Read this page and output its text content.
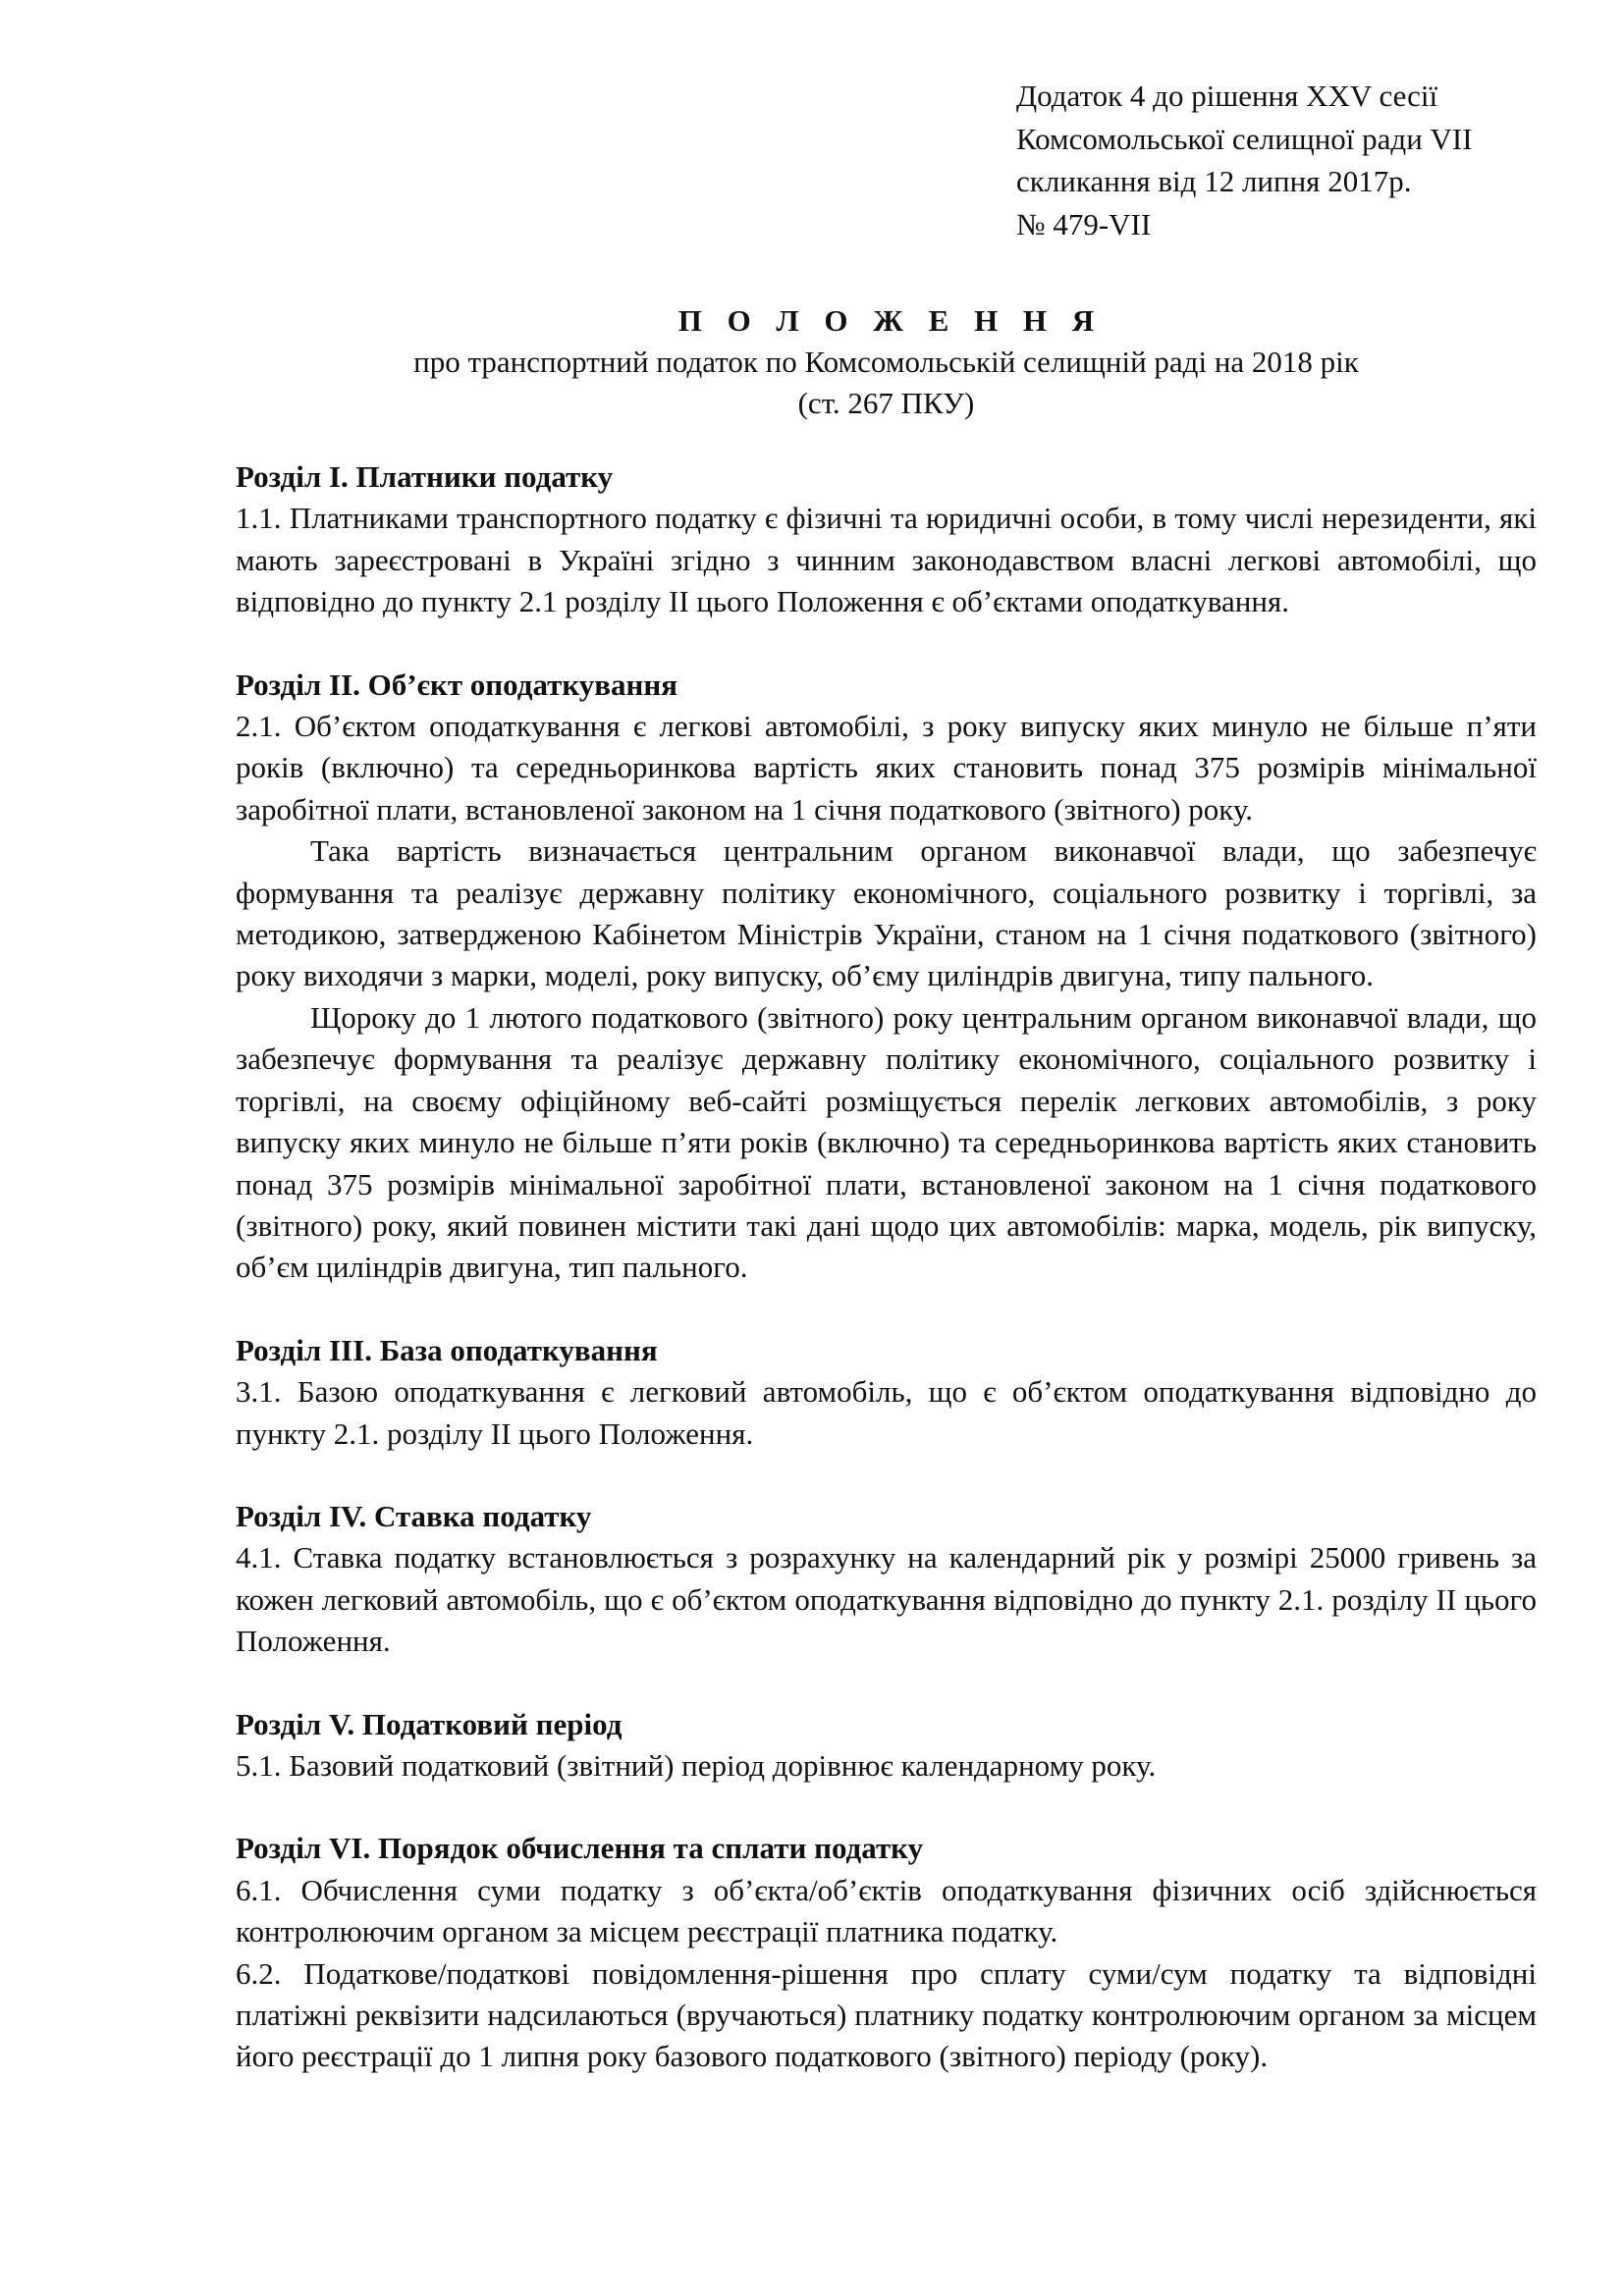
Додаток 4 до рішення XXV сесії
Комсомольської селищної ради VII
скликання від 12 липня 2017р.
№ 479-VII
П О Л О Ж Е Н Н Я
про транспортний податок по Комсомольській селищній раді на 2018 рік
(ст. 267 ПКУ)
Розділ I. Платники податку
1.1. Платниками транспортного податку є фізичні та юридичні особи, в тому числі нерезиденти, які мають зареєстровані в Україні згідно з чинним законодавством власні легкові автомобілі, що відповідно до пункту 2.1 розділу II цього Положення є об’єктами оподаткування.
Розділ II. Об’єкт оподаткування
2.1. Об’єктом оподаткування є легкові автомобілі, з року випуску яких минуло не більше п’яти років (включно) та середньоринкова вартість яких становить понад 375 розмірів мінімальної заробітної плати, встановленої законом на 1 січня податкового (звітного) року.
Така вартість визначається центральним органом виконавчої влади, що забезпечує формування та реалізує державну політику економічного, соціального розвитку і торгівлі, за методикою, затвердженою Кабінетом Міністрів України, станом на 1 січня податкового (звітного) року виходячи з марки, моделі, року випуску, об’єму циліндрів двигуна, типу пального.
Щороку до 1 лютого податкового (звітного) року центральним органом виконавчої влади, що забезпечує формування та реалізує державну політику економічного, соціального розвитку і торгівлі, на своєму офіційному веб-сайті розміщується перелік легкових автомобілів, з року випуску яких минуло не більше п’яти років (включно) та середньоринкова вартість яких становить понад 375 розмірів мінімальної заробітної плати, встановленої законом на 1 січня податкового (звітного) року, який повинен містити такі дані щодо цих автомобілів: марка, модель, рік випуску, об’єм циліндрів двигуна, тип пального.
Розділ III. База оподаткування
3.1. Базою оподаткування є легковий автомобіль, що є об’єктом оподаткування відповідно до пункту 2.1. розділу II цього Положення.
Розділ IV. Ставка податку
4.1. Ставка податку встановлюється з розрахунку на календарний рік у розмірі 25000 гривень за кожен легковий автомобіль, що є об’єктом оподаткування відповідно до пункту 2.1. розділу II цього Положення.
Розділ V. Податковий період
5.1. Базовий податковий (звітний) період дорівнює календарному року.
Розділ VI. Порядок обчислення та сплати податку
6.1. Обчислення суми податку з об’єкта/об’єктів оподаткування фізичних осіб здійснюється контролюючим органом за місцем реєстрації платника податку.
6.2. Податкове/податкові повідомлення-рішення про сплату суми/сум податку та відповідні платіжні реквізити надсилаються (вручаються) платнику податку контролюючим органом за місцем його реєстрації до 1 липня року базового податкового (звітного) періоду (року).
